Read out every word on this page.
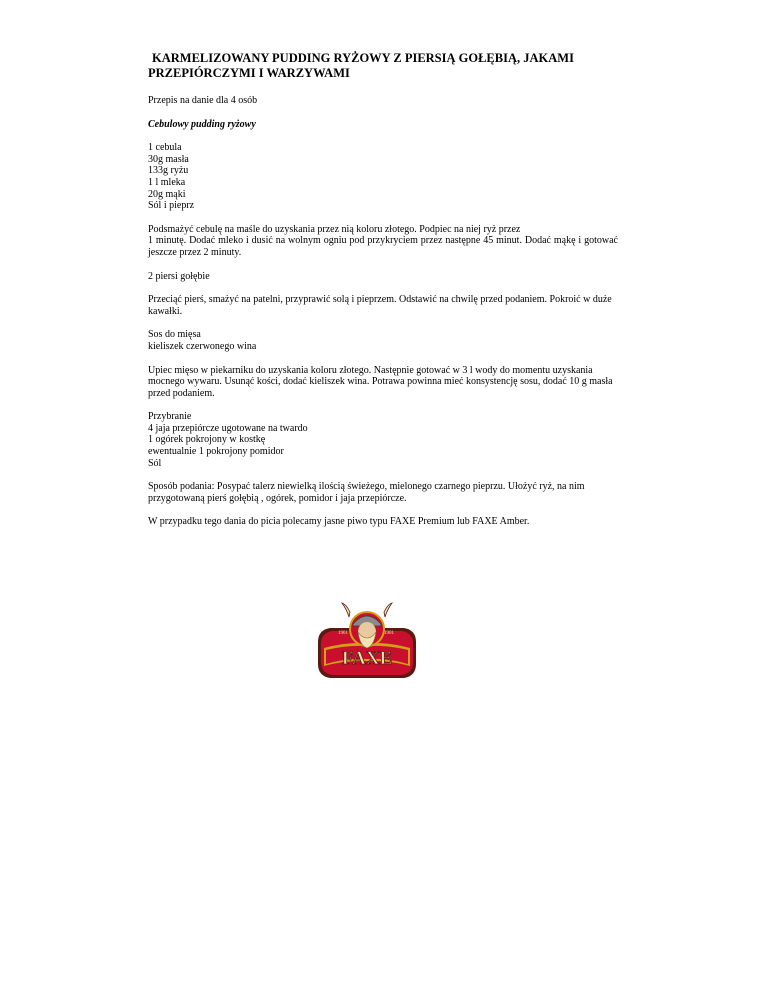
KARMELIZOWANY PUDDING RYŻOWY Z PIERSIĄ GOŁĘBIĄ, JAKAMI
PRZEPIÓRCZYMI I WARZYWAMI

Przepis na danie dla 4 osób

Cebulowy pudding ryżowy

1 cebula
30g masła
133g ryżu
1 l mleka
20g mąki
Sól i pieprz
Podsmażyć cebulę na maśle do uzyskania przez nią koloru złotego. Podpiec na niej ryż przez
1 minutę. Dodać mleko i dusić na wolnym ogniu pod przykryciem przez następne 45 minut. Dodać mąkę i gotować jeszcze przez 2 minuty.

2 piersi gołębie

Przeciąć pierś, smażyć na patelni, przyprawić solą i pieprzem. Odstawić na chwilę przed podaniem. Pokroić w duże kawałki.

Sos do mięsa
kieliszek czerwonego wina

Upiec mięso w piekarniku do uzyskania koloru złotego. Następnie gotować w 3 l wody do momentu uzyskania mocnego wywaru. Usunąć kości, dodać kieliszek wina. Potrawa powinna mieć konsystencję sosu, dodać 10 g masła przed podaniem.

Przybranie
4 jaja przepiórcze ugotowane na twardo
1 ogórek pokrojony w kostkę
ewentualnie 1 pokrojony pomidor
Sól

Sposób podania: Posypać talerz niewielką ilością świeżego, mielonego czarnego pieprzu. Ułożyć ryż, na nim przygotowaną pierś gołębią , ogórek, pomidor i jaja przepiórcze.

W przypadku tego dania do picia polecamy jasne piwo typu FAXE Premium lub FAXE Amber.

1901	1901
FAXE
